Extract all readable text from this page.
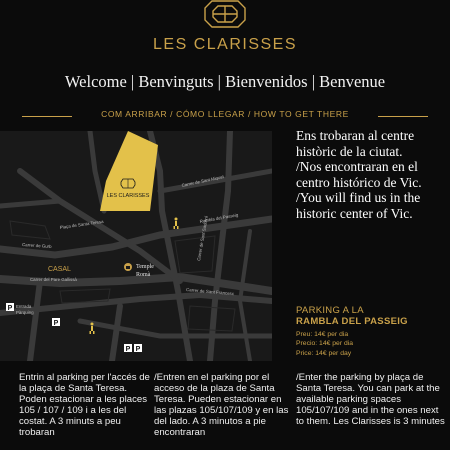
LES CLARISSES
Welcome | Benvinguts | Bienvenidos | Benvenue
COM ARRIBAR / CÓMO LLEGAR / HOW TO GET THERE
LES CLARISSES
Temple
Romà
CASAL
P Entrada
Pàrquing
P
P P
Carrer de Gurb
Plaça de Santa Teresa
Rambla del Passeig
Carrer de Sant Miquel
Carrer del Pare Gallissà
Carrer de Sant Francesc
Carrer de Sant Sadurní
Ens trobaran al centre històric de la ciutat.
/Nos encontraran en el centro histórico de Vic.
/You will find us in the historic center of Vic.
PARKING A LA
RAMBLA DEL PASSEIG
Preu: 14€ per dia
Precio: 14€ per dia
Price: 14€ per day
Entrin al parking per l'accés de la plaça de Santa Teresa. Poden estacionar a les places 105 / 107 / 109 i a les del costat. A 3 minuts a peu trobaran
/Entren en el parking por el acceso de la plaza de Santa Teresa. Pueden estacionar en las plazas 105/107/109 y en las del lado. A 3 minutos a pie encontraran
/Enter the parking by plaça de Santa Teresa. You can park at the available parking spaces 105/107/109 and in the ones next to them. Les Clarisses is 3 minutes
